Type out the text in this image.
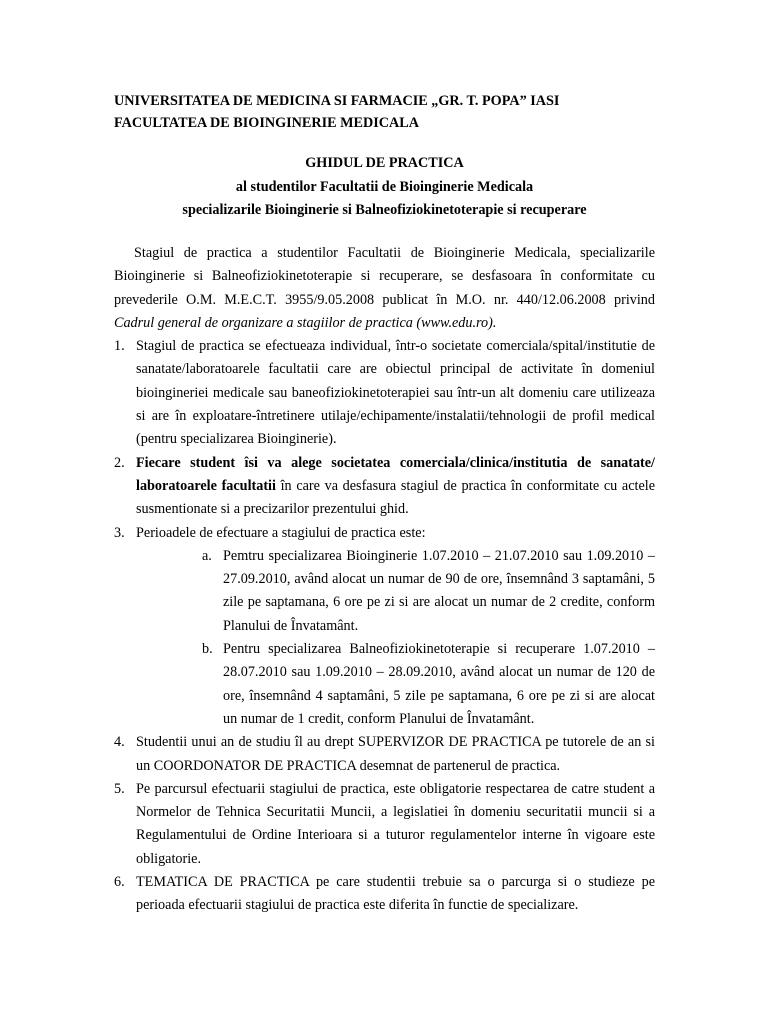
UNIVERSITATEA DE MEDICINA SI FARMACIE „GR. T. POPA” IASI
FACULTATEA DE BIOINGINERIE MEDICALA
GHIDUL DE PRACTICA
al studentilor Facultatii de Bioinginerie Medicala
specializarile Bioinginerie si Balneofiziokinetoterapie si recuperare

Stagiul de practica a studentilor Facultatii de Bioinginerie Medicala, specializarile Bioinginerie si Balneofiziokinetoterapie si recuperare, se desfasoara în conformitate cu prevederile O.M. M.E.C.T. 3955/9.05.2008 publicat în M.O. nr. 440/12.06.2008 privind Cadrul general de organizare a stagiilor de practica (www.edu.ro).

1. Stagiul de practica se efectueaza individual, într-o societate comerciala/spital/institutie de sanatate/laboratoarele facultatii care are obiectul principal de activitate în domeniul bioingineriei medicale sau baneofiziokinetoterapiei sau într-un alt domeniu care utilizeaza si are în exploatare-întretinere utilaje/echipamente/instalatii/tehnologii de profil medical (pentru specializarea Bioinginerie).
2. Fiecare student îsi va alege societatea comerciala/clinica/institutia de sanatate/ laboratoarele facultatii în care va desfasura stagiul de practica în conformitate cu actele susmentionate si a precizarilor prezentului ghid.
3. Perioadele de efectuare a stagiului de practica este:
a. Pemtru specializarea Bioinginerie 1.07.2010 – 21.07.2010 sau 1.09.2010 – 27.09.2010, având alocat un numar de 90 de ore, însemnând 3 saptamâni, 5 zile pe saptamana, 6 ore pe zi si are alocat un numar de 2 credite, conform Planului de Învatamânt.
b. Pentru specializarea Balneofiziokinetoterapie si recuperare 1.07.2010 – 28.07.2010 sau 1.09.2010 – 28.09.2010, având alocat un numar de 120 de ore, însemnând 4 saptamâni, 5 zile pe saptamana, 6 ore pe zi si are alocat un numar de 1 credit, conform Planului de Învatamânt.
4. Studentii unui an de studiu îl au drept SUPERVIZOR DE PRACTICA pe tutorele de an si un COORDONATOR DE PRACTICA desemnat de partenerul de practica.
5. Pe parcursul efectuarii stagiului de practica, este obligatorie respectarea de catre student a Normelor de Tehnica Securitatii Muncii, a legislatiei în domeniu securitatii muncii si a Regulamentului de Ordine Interioara si a tuturor regulamentelor interne în vigoare este obligatorie.
6. TEMATICA DE PRACTICA pe care studentii trebuie sa o parcurga si o studieze pe perioada efectuarii stagiului de practica este diferita în functie de specializare.
